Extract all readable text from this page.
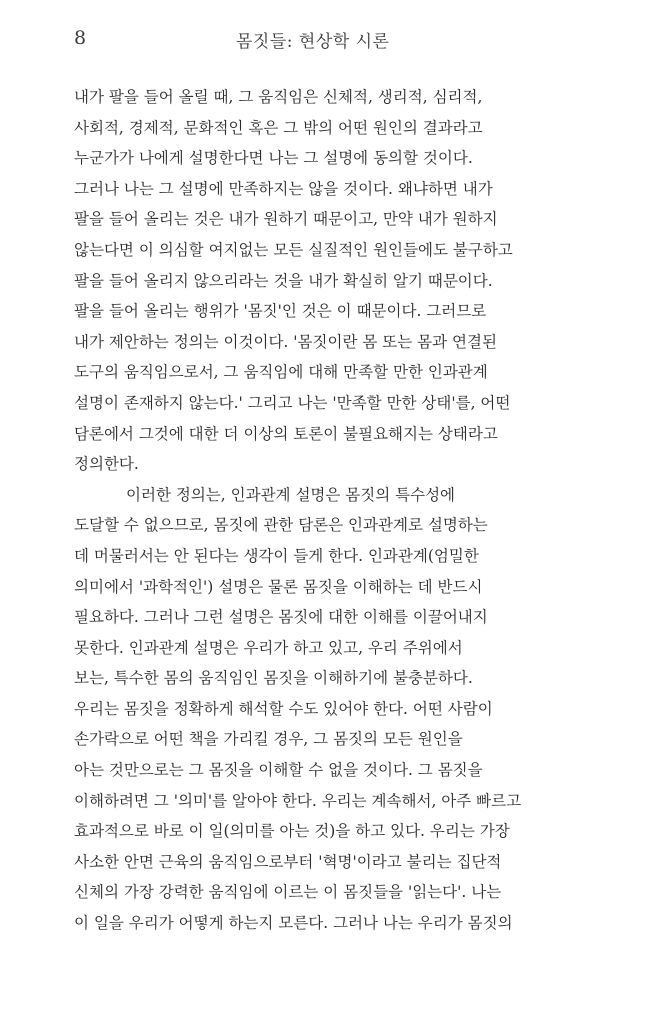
8	몸짓들: 현상학 시론
내가 팔을 들어 올릴 때, 그 움직임은 신체적, 생리적, 심리적,
사회적, 경제적, 문화적인 혹은 그 밖의 어떤 원인의 결과라고
누군가가 나에게 설명한다면 나는 그 설명에 동의할 것이다.
그러나 나는 그 설명에 만족하지는 않을 것이다. 왜냐하면 내가
팔을 들어 올리는 것은 내가 원하기 때문이고, 만약 내가 원하지
않는다면 이 의심할 여지없는 모든 실질적인 원인들에도 불구하고
팔을 들어 올리지 않으리라는 것을 내가 확실히 알기 때문이다.
팔을 들어 올리는 행위가 '몸짓'인 것은 이 때문이다. 그러므로
내가 제안하는 정의는 이것이다. '몸짓이란 몸 또는 몸과 연결된
도구의 움직임으로서, 그 움직임에 대해 만족할 만한 인과관계
설명이 존재하지 않는다.' 그리고 나는 '만족할 만한 상태'를, 어떤
담론에서 그것에 대한 더 이상의 토론이 불필요해지는 상태라고
정의한다.
이러한 정의는, 인과관계 설명은 몸짓의 특수성에
도달할 수 없으므로, 몸짓에 관한 담론은 인과관계로 설명하는
데 머물러서는 안 된다는 생각이 들게 한다. 인과관계(엄밀한
의미에서 '과학적인') 설명은 물론 몸짓을 이해하는 데 반드시
필요하다. 그러나 그런 설명은 몸짓에 대한 이해를 이끌어내지
못한다. 인과관계 설명은 우리가 하고 있고, 우리 주위에서
보는, 특수한 몸의 움직임인 몸짓을 이해하기에 불충분하다.
우리는 몸짓을 정확하게 해석할 수도 있어야 한다. 어떤 사람이
손가락으로 어떤 책을 가리킬 경우, 그 몸짓의 모든 원인을
아는 것만으로는 그 몸짓을 이해할 수 없을 것이다. 그 몸짓을
이해하려면 그 '의미'를 알아야 한다. 우리는 계속해서, 아주 빠르고
효과적으로 바로 이 일(의미를 아는 것)을 하고 있다. 우리는 가장
사소한 안면 근육의 움직임으로부터 '혁명'이라고 불리는 집단적
신체의 가장 강력한 움직임에 이르는 이 몸짓들을 '읽는다'. 나는
이 일을 우리가 어떻게 하는지 모른다. 그러나 나는 우리가 몸짓의
